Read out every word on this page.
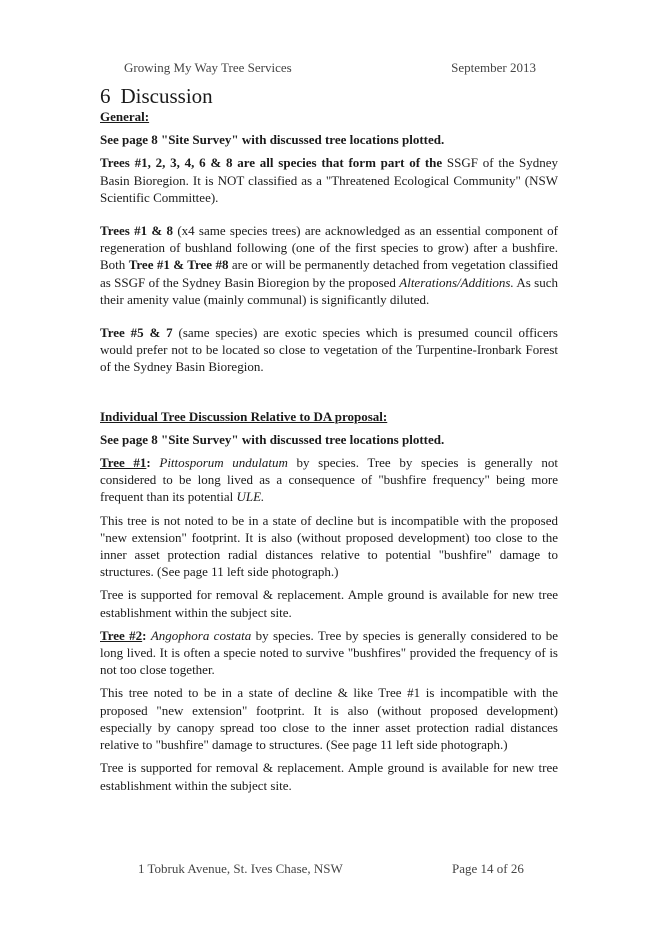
Growing My Way Tree Services	September 2013
6 Discussion

General:

See page 8 "Site Survey" with discussed tree locations plotted.

Trees #1, 2, 3, 4, 6 & 8 are all species that form part of the SSGF of the Sydney Basin Bioregion. It is NOT classified as a "Threatened Ecological Community" (NSW Scientific Committee).

Trees #1 & 8 (x4 same species trees) are acknowledged as an essential component of regeneration of bushland following (one of the first species to grow) after a bushfire. Both Tree #1 & Tree #8 are or will be permanently detached from vegetation classified as SSGF of the Sydney Basin Bioregion by the proposed Alterations/Additions. As such their amenity value (mainly communal) is significantly diluted.

Tree #5 & 7 (same species) are exotic species which is presumed council officers would prefer not to be located so close to vegetation of the Turpentine-Ironbark Forest of the Sydney Basin Bioregion.

Individual Tree Discussion Relative to DA proposal:

See page 8 "Site Survey" with discussed tree locations plotted.

Tree #1: Pittosporum undulatum by species. Tree by species is generally not considered to be long lived as a consequence of "bushfire frequency" being more frequent than its potential ULE.

This tree is not noted to be in a state of decline but is incompatible with the proposed "new extension" footprint. It is also (without proposed development) too close to the inner asset protection radial distances relative to potential "bushfire" damage to structures. (See page 11 left side photograph.)

Tree is supported for removal & replacement. Ample ground is available for new tree establishment within the subject site.

Tree #2: Angophora costata by species. Tree by species is generally considered to be long lived. It is often a specie noted to survive "bushfires" provided the frequency of is not too close together.

This tree noted to be in a state of decline & like Tree #1 is incompatible with the proposed "new extension" footprint. It is also (without proposed development) especially by canopy spread too close to the inner asset protection radial distances relative to "bushfire" damage to structures. (See page 11 left side photograph.)

Tree is supported for removal & replacement. Ample ground is available for new tree establishment within the subject site.

1 Tobruk Avenue, St. Ives Chase, NSW	Page 14 of 26
